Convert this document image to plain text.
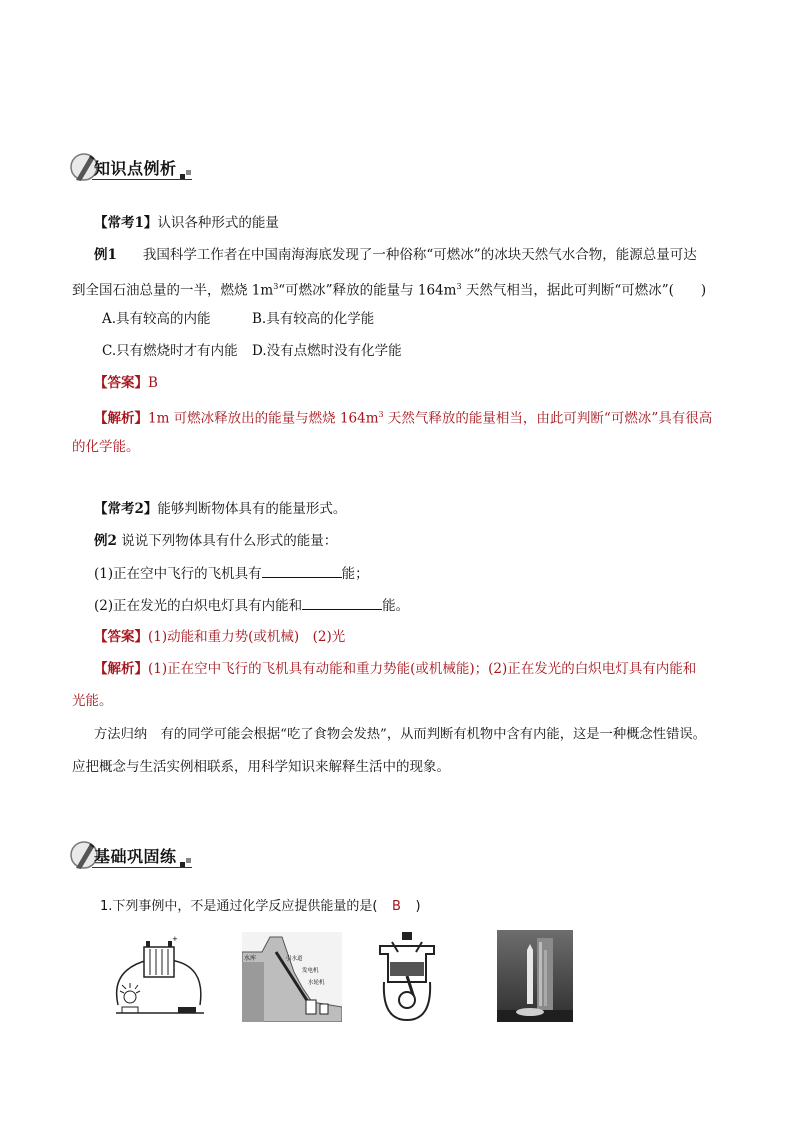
知识点例析
【常考1】认识各种形式的能量
例1 我国科学工作者在中国南海海底发现了一种俗称“可燃冰”的冰块天然气水合物，能源总量可达
到全国石油总量的一半，燃烧 $1m^3“$可燃冰”释放的能量与 $164m^3$ 天然气相当，据此可判断“可燃冰”(　　)
A.具有较高的内能	B.具有较高的化学能
C.只有燃烧时才有内能 D.没有点燃时没有化学能
【答案】B
【解析】1m 可燃冰释放出的能量与燃烧 $164m^3$ 天然气释放的能量相当，由此可判断“可燃冰”具有很高
的化学能。
【常考2】能够判断物体具有的能量形式。
例2 说说下列物体具有什么形式的能量：
(1)正在空中飞行的飞机具有	能；
(2)正在发光的白炽电灯具有内能和	能。
【答案】(1)动能和重力势(或机械)　(2)光
【解析】(1)正在空中飞行的飞机具有动能和重力势能(或机械能)；(2)正在发光的白炽电灯具有内能和
光能。
方法归纳　有的同学可能会根据“吃了食物会发热”，从而判断有机物中含有内能，这是一种概念性错误。
应把概念与生活实例相联系，用科学知识来解释生活中的现象。
基础巩固练
1.下列事例中，不是通过化学反应提供能量的是( B )
+
水库	引水道
发电机
水轮机
